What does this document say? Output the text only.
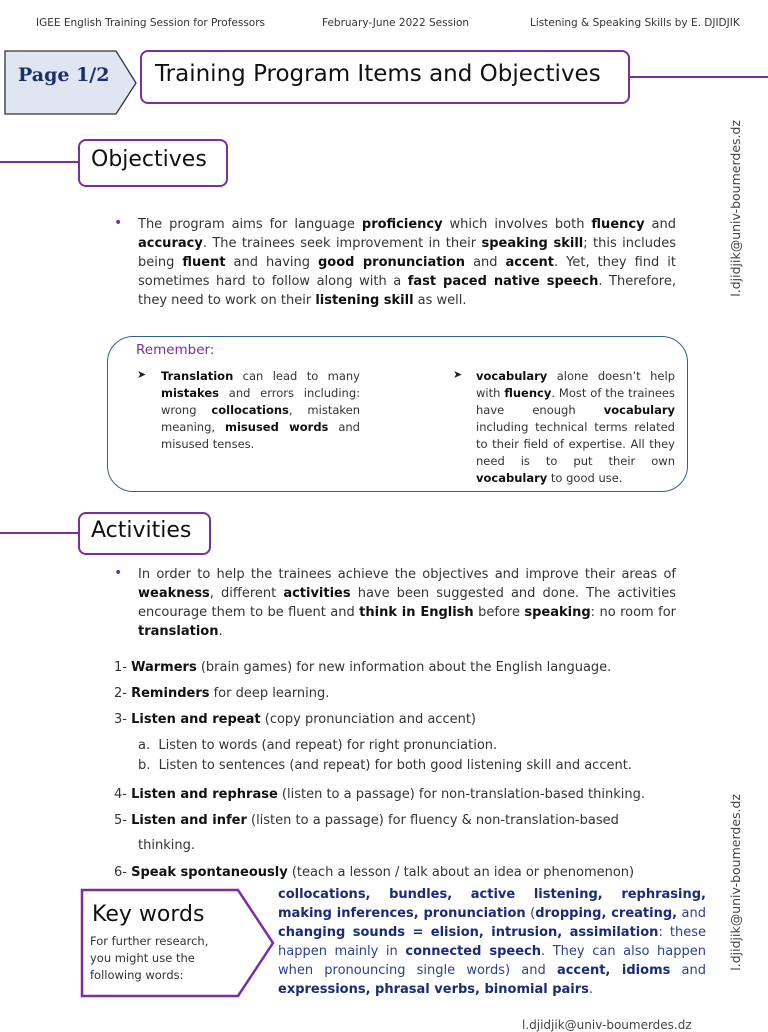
IGEE English Training Session for Professors	February-June 2022 Session	Listening & Speaking Skills by E. DJIDJIK
Page 1/2 Training Program Items and Objectives
l.djidjik@univ-boumerdes.dz
l.djidjik@univ-boumerdes.dz
Objectives
• The program aims for language proficiency which involves both fluency and accuracy. The trainees seek improvement in their speaking skill; this includes being fluent and having good pronunciation and accent. Yet, they find it sometimes hard to follow along with a fast paced native speech. Therefore, they need to work on their listening skill as well.
Remember:
➤ Translation can lead to many mistakes and errors including: wrong collocations, mistaken meaning, misused words and misused tenses.
➤ vocabulary alone doesn’t help with fluency. Most of the trainees have enough vocabulary including technical terms related to their field of expertise. All they need is to put their own vocabulary to good use.
Activities
• In order to help the trainees achieve the objectives and improve their areas of weakness, different activities have been suggested and done. The activities encourage them to be fluent and think in English before speaking: no room for translation.
1- Warmers (brain games) for new information about the English language.
2- Reminders for deep learning.
3- Listen and repeat (copy pronunciation and accent)
a. Listen to words (and repeat) for right pronunciation.
b. Listen to sentences (and repeat) for both good listening skill and accent.
4- Listen and rephrase (listen to a passage) for non-translation-based thinking.
5- Listen and infer (listen to a passage) for fluency & non-translation-based
thinking.
6- Speak spontaneously (teach a lesson / talk about an idea or phenomenon)
Key words
For further research, you might use the following words:
collocations, bundles, active listening, rephrasing, making inferences, pronunciation (dropping, creating, and changing sounds = elision, intrusion, assimilation: these happen mainly in connected speech. They can also happen when pronouncing single words) and accent, idioms and expressions, phrasal verbs, binomial pairs.
l.djidjik@univ-boumerdes.dz
